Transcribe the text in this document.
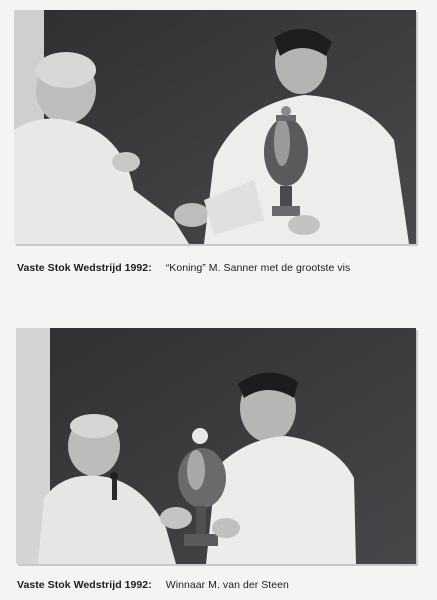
Vaste Stok Wedstrijd 1992: “Koning” M. Sanner met de grootste vis
Vaste Stok Wedstrijd 1992: Winnaar M. van der Steen
